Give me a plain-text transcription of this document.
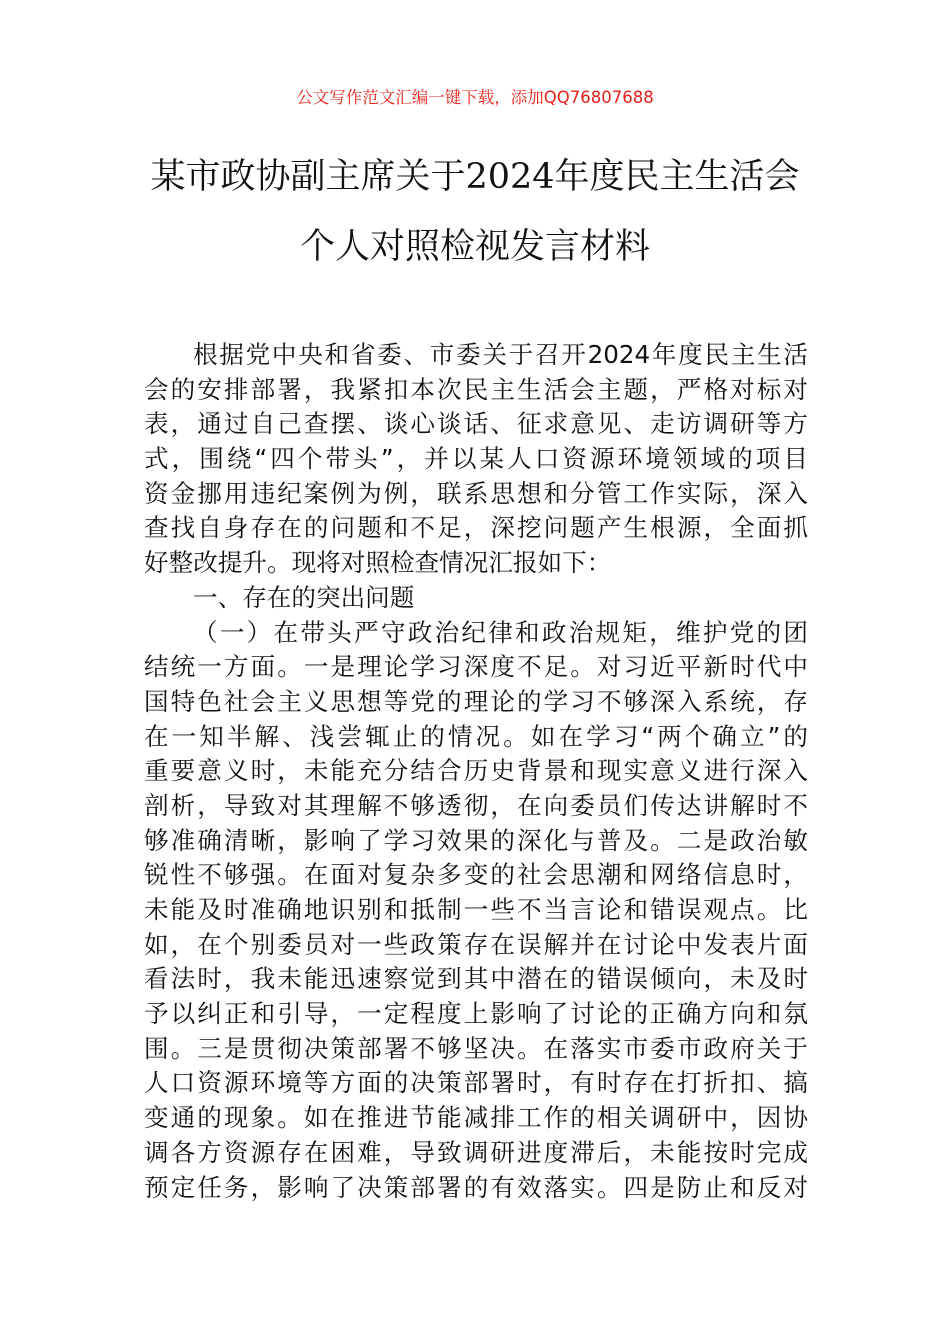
公文写作范文汇编一键下载，添加QQ76807688
某市政协副主席关于2024年度民主生活会
个人对照检视发言材料
根据党中央和省委、市委关于召开2024年度民主生活
会的安排部署，我紧扣本次民主生活会主题，严格对标对
表，通过自己查摆、谈心谈话、征求意见、走访调研等方
式，围绕“四个带头”，并以某人口资源环境领域的项目
资金挪用违纪案例为例，联系思想和分管工作实际，深入
查找自身存在的问题和不足，深挖问题产生根源，全面抓
好整改提升。现将对照检查情况汇报如下：
一、存在的突出问题
（一）在带头严守政治纪律和政治规矩，维护党的团
结统一方面。一是理论学习深度不足。对习近平新时代中
国特色社会主义思想等党的理论的学习不够深入系统，存
在一知半解、浅尝辄止的情况。如在学习“两个确立”的
重要意义时，未能充分结合历史背景和现实意义进行深入
剖析，导致对其理解不够透彻，在向委员们传达讲解时不
够准确清晰，影响了学习效果的深化与普及。二是政治敏
锐性不够强。在面对复杂多变的社会思潮和网络信息时，
未能及时准确地识别和抵制一些不当言论和错误观点。比
如，在个别委员对一些政策存在误解并在讨论中发表片面
看法时，我未能迅速察觉到其中潜在的错误倾向，未及时
予以纠正和引导，一定程度上影响了讨论的正确方向和氛
围。三是贯彻决策部署不够坚决。在落实市委市政府关于
人口资源环境等方面的决策部署时，有时存在打折扣、搞
变通的现象。如在推进节能减排工作的相关调研中，因协
调各方资源存在困难，导致调研进度滞后，未能按时完成
预定任务，影响了决策部署的有效落实。四是防止和反对
